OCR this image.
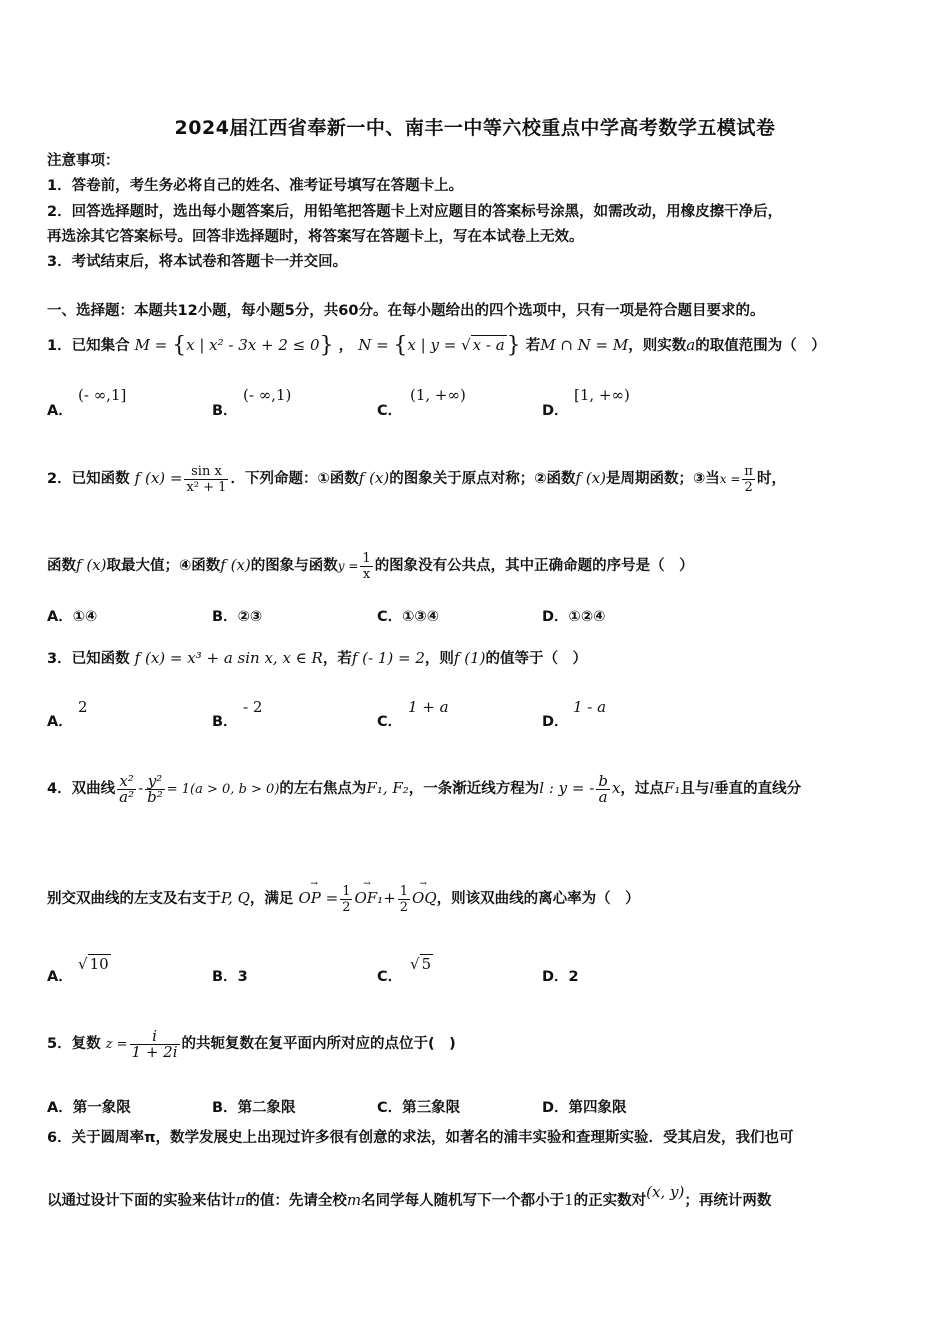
2024届江西省奉新一中、南丰一中等六校重点中学高考数学五模试卷
注意事项：
1．答卷前，考生务必将自己的姓名、准考证号填写在答题卡上。
2．回答选择题时，选出每小题答案后，用铅笔把答题卡上对应题目的答案标号涂黑，如需改动，用橡皮擦干净后，
再选涂其它答案标号。回答非选择题时，将答案写在答题卡上，写在本试卷上无效。
3．考试结束后，将本试卷和答题卡一并交回。
一、选择题：本题共12小题，每小题5分，共60分。在每小题给出的四个选项中，只有一项是符合题目要求的。
1．已知集合 M = {x | x² - 3x + 2 ≤ 0} ， N = {x | y = √ x - a} 若M ∩ N = M，则实数a的取值范围为（　）
A．
(- ∞,1]
B．
(- ∞,1)
C．
(1, +∞)
D．
[1, +∞)
2．已知函数 f $(x) = \frac{\text{sin x}}{\text{x² + 1}}$ ．下列命题：①函数f (x)的图象关于原点对称；②函数f (x)是周期函数；③当$x = \frac{\pi}{2}$ 时，
函数f (x)取最大值；④函数f (x)的图象与函数$y = \frac{1}{x}$ 的图象没有公共点，其中正确命题的序号是（　）
A．①④	B．②③	C．①③④	D．①②④
3．已知函数 f (x) = x³ + a sin x, x ∈ R，若f (- 1) = 2，则f (1)的值等于（　）
A．
2
B．
- 2
C．
1 + a
D．
1 - a
4．双曲线 $\frac{\text{x²}}{\text{a²}} - \frac{\text{y²}}{\text{b²}} = 1(a > 0$, b > 0)的左右焦点为F₁, F₂，一条渐近线方程为l : y = - $\frac{b}{a}$ x，过点F₁且与l垂直的直线分
别交双曲线的左支及右支于P, Q，满足 → OP = $\frac{1}{2}$
→ $OF_1+ \frac{1}{2}$
→ OQ，则该双曲线的离心率为（　）
A．
√ 10
B．3	C．
√ 5
D．2
5．复数 $z = \frac{i}{1 + 2i}$ 的共轭复数在复平面内所对应的点位于(　)
A．第一象限	B．第二象限	C．第三象限	D．第四象限
6．关于圆周率π，数学发展史上出现过许多很有创意的求法，如著名的浦丰实验和查理斯实验．受其启发，我们也可
以通过设计下面的实验来估计π的值：先请全校m名同学每人随机写下一个都小于1的正实数对(x, y)；再统计两数
